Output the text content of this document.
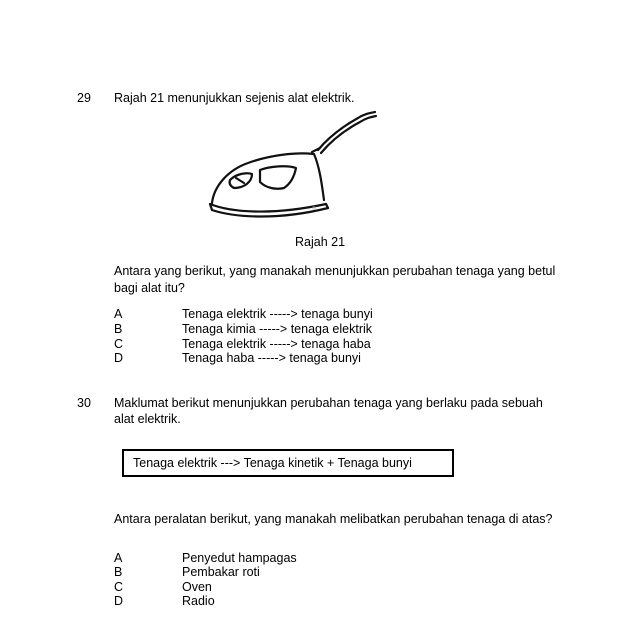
29 Rajah 21 menunjukkan sejenis alat elektrik.
©
Rajah 21
Antara yang berikut, yang manakah menunjukkan perubahan tenaga yang betul
bagi alat itu?
A	Tenaga elektrik -----> tenaga bunyi
B	Tenaga kimia -----> tenaga elektrik
C	Tenaga elektrik -----> tenaga haba
D	Tenaga haba -----> tenaga bunyi
30 Maklumat berikut menunjukkan perubahan tenaga yang berlaku pada sebuah
alat elektrik.
Tenaga elektrik ---> Tenaga kinetik + Tenaga bunyi
Antara peralatan berikut, yang manakah melibatkan perubahan tenaga di atas?
A	Penyedut hampagas
B	Pembakar roti
C	Oven
D	Radio
